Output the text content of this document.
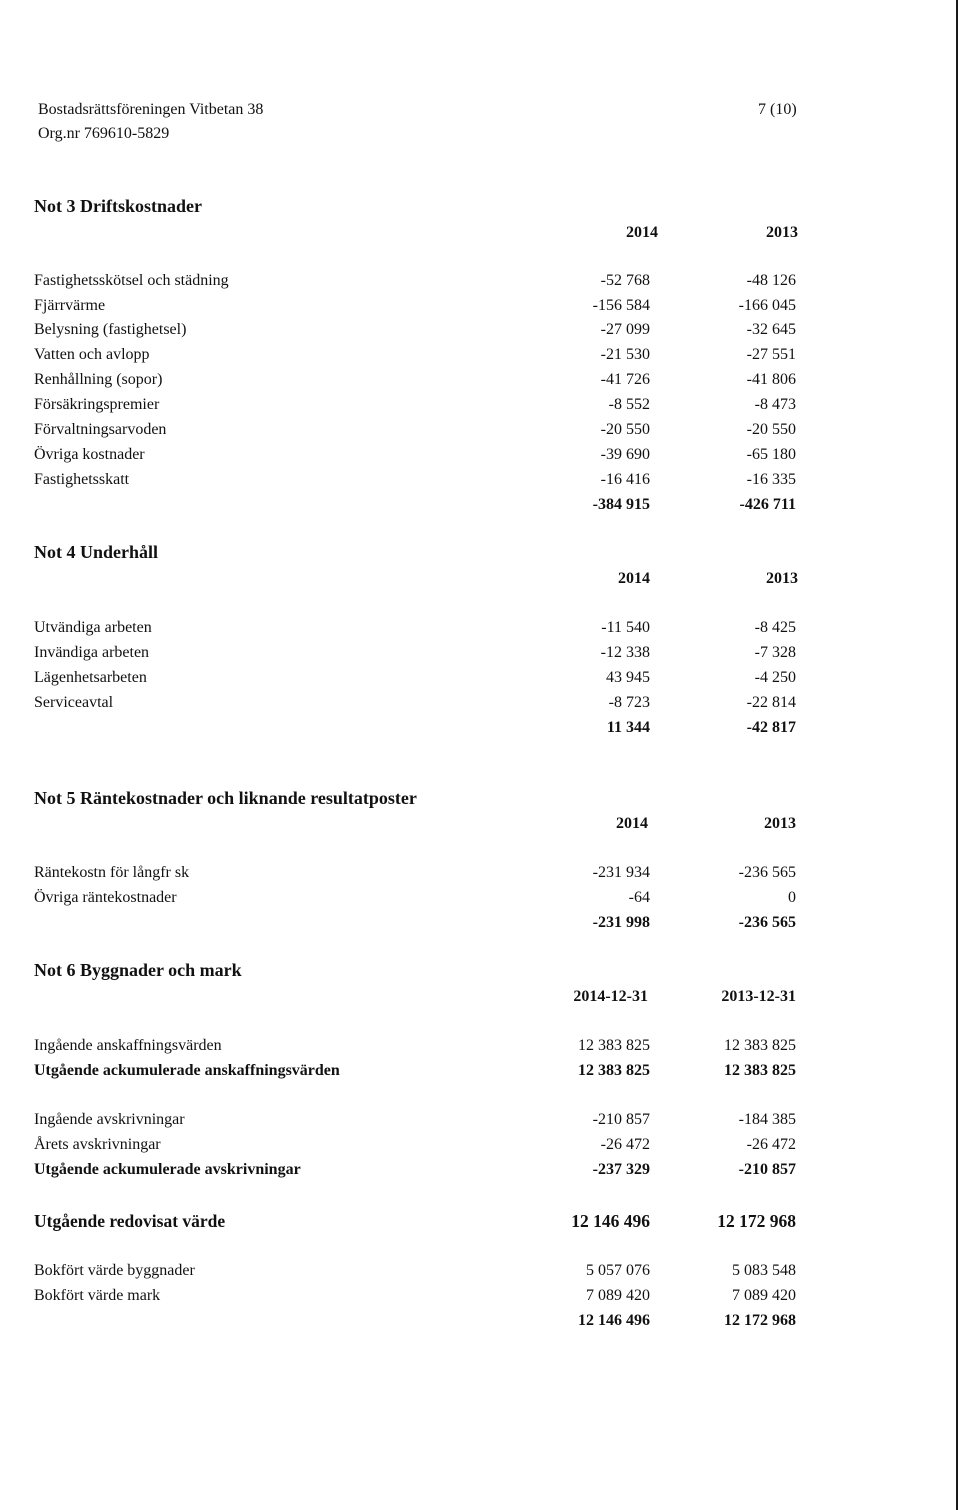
Bostadsrättsföreningen Vitbetan 38
Org.nr 769610-5829
7 (10)
Not 3 Driftskostnader
2014	2013
Fastighetsskötsel och städning	-52 768	-48 126
Fjärrvärme	-156 584	-166 045
Belysning (fastighetsel)	-27 099	-32 645
Vatten och avlopp	-21 530	-27 551
Renhållning (sopor)	-41 726	-41 806
Försäkringspremier	-8 552	-8 473
Förvaltningsarvoden	-20 550	-20 550
Övriga kostnader	-39 690	-65 180
Fastighetsskatt	-16 416	-16 335
-384 915	-426 711
Not 4 Underhåll
2014	2013
Utvändiga arbeten	-11 540	-8 425
Invändiga arbeten	-12 338	-7 328
Lägenhetsarbeten	43 945	-4 250
Serviceavtal	-8 723	-22 814
11 344	-42 817
Not 5 Räntekostnader och liknande resultatposter
2014	2013
Räntekostn för långfr sk	-231 934	-236 565
Övriga räntekostnader	-64	0
-231 998	-236 565
Not 6 Byggnader och mark
2014-12-31	2013-12-31
Ingående anskaffningsvärden	12 383 825	12 383 825
Utgående ackumulerade anskaffningsvärden	12 383 825	12 383 825
Ingående avskrivningar	-210 857	-184 385
Årets avskrivningar	-26 472	-26 472
Utgående ackumulerade avskrivningar	-237 329	-210 857
Utgående redovisat värde	12 146 496	12 172 968
Bokfört värde byggnader	5 057 076	5 083 548
Bokfört värde mark	7 089 420	7 089 420
12 146 496	12 172 968
